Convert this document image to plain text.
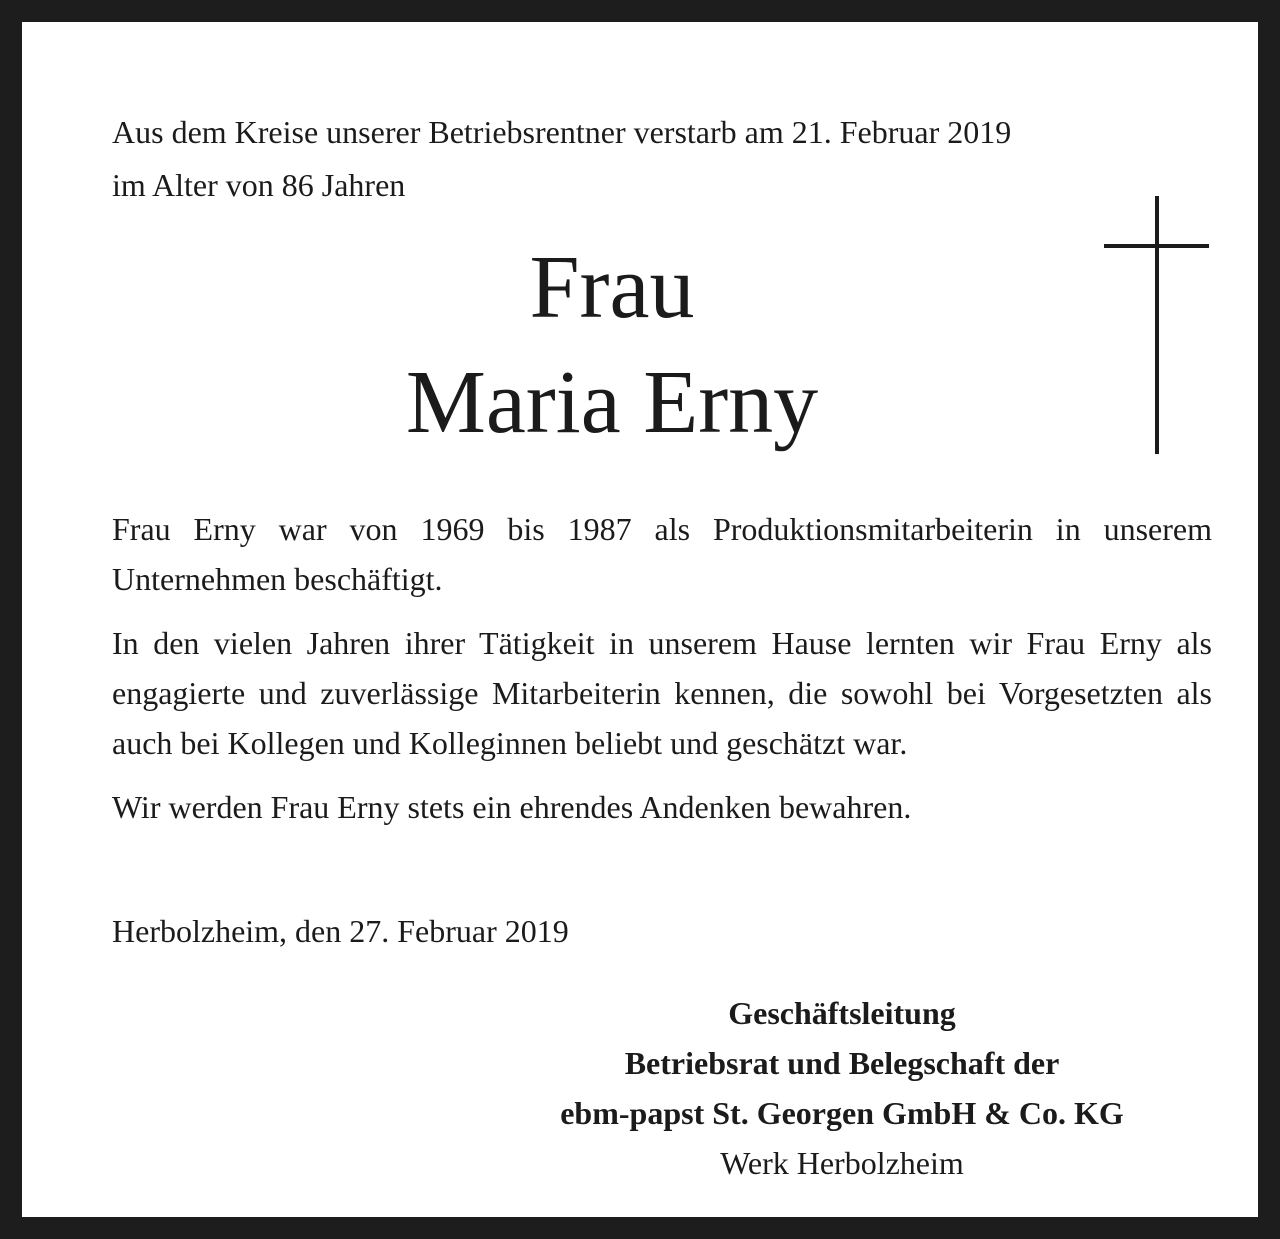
Aus dem Kreise unserer Betriebsrentner verstarb am 21. Februar 2019
im Alter von 86 Jahren
Frau
Maria Erny

Frau Erny war von 1969 bis 1987 als Produktionsmitarbeiterin in unserem Unternehmen beschäftigt.

In den vielen Jahren ihrer Tätigkeit in unserem Hause lernten wir Frau Erny als engagierte und zuverlässige Mitarbeiterin kennen, die sowohl bei Vorgesetzten als auch bei Kollegen und Kolleginnen beliebt und geschätzt war.

Wir werden Frau Erny stets ein ehrendes Andenken bewahren.

Herbolzheim, den 27. Februar 2019
Geschäftsleitung
Betriebsrat und Belegschaft der
ebm-papst St. Georgen GmbH & Co. KG
Werk Herbolzheim
